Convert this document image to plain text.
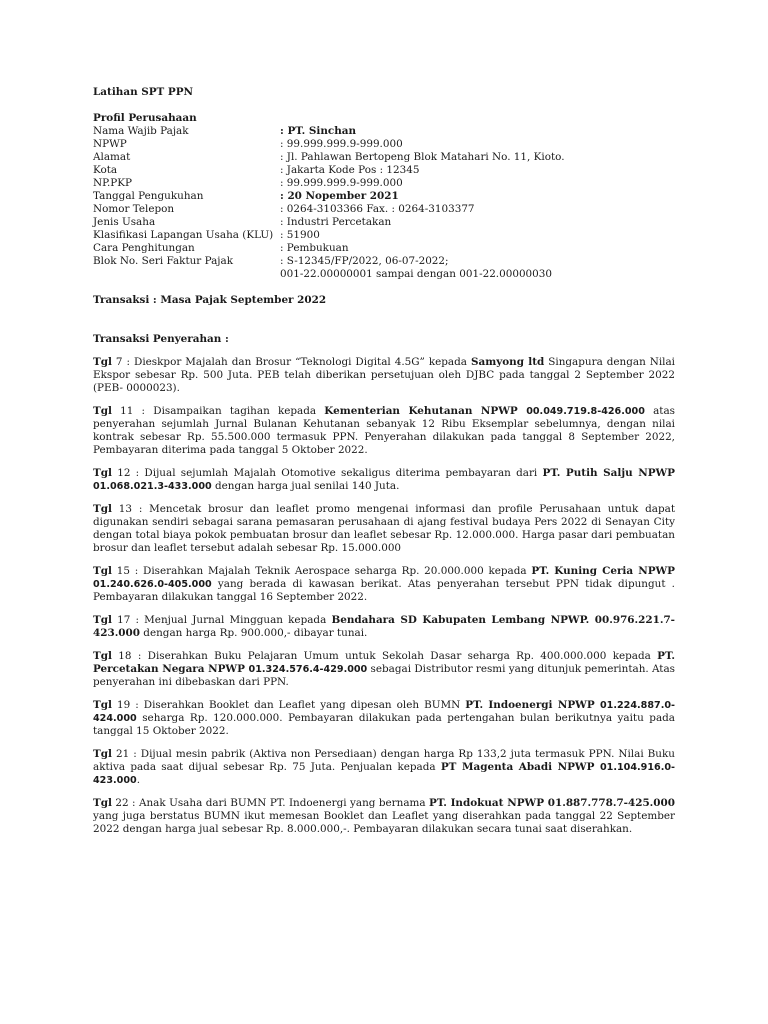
Latihan SPT PPN

Profil Perusahaan

Nama Wajib Pajak	: PT. Sinchan
NPWP	: 99.999.999.9-999.000
Alamat	: Jl. Pahlawan Bertopeng Blok Matahari No. 11, Kioto.
Kota	: Jakarta Kode Pos : 12345
NP.PKP	: 99.999.999.9-999.000
Tanggal Pengukuhan	: 20 Nopember 2021
Nomor Telepon	: 0264-3103366 Fax. : 0264-3103377
Jenis Usaha	: Industri Percetakan
Klasifikasi Lapangan Usaha (KLU)	: 51900
Cara Penghitungan	: Pembukuan
Blok No. Seri Faktur Pajak	: S-12345/FP/2022, 06-07-2022;
	001-22.00000001 sampai dengan 001-22.00000030

Transaksi : Masa Pajak September 2022

Transaksi Penyerahan :

Tgl 7 : Dieskpor Majalah dan Brosur “Teknologi Digital 4.5G” kepada Samyong ltd Singapura dengan Nilai Ekspor sebesar Rp. 500 Juta. PEB telah diberikan persetujuan oleh DJBC pada tanggal 2 September 2022 (PEB- 0000023).

Tgl 11 : Disampaikan tagihan kepada Kementerian Kehutanan NPWP 00.049.719.8-426.000 atas penyerahan sejumlah Jurnal Bulanan Kehutanan sebanyak 12 Ribu Eksemplar sebelumnya, dengan nilai kontrak sebesar Rp. 55.500.000 termasuk PPN. Penyerahan dilakukan pada tanggal 8 September 2022, Pembayaran diterima pada tanggal 5 Oktober 2022.

Tgl 12 : Dijual sejumlah Majalah Otomotive sekaligus diterima pembayaran dari PT. Putih Salju NPWP 01.068.021.3-433.000 dengan harga jual senilai 140 Juta.

Tgl 13 : Mencetak brosur dan leaflet promo mengenai informasi dan profile Perusahaan untuk dapat digunakan sendiri sebagai sarana pemasaran perusahaan di ajang festival budaya Pers 2022 di Senayan City dengan total biaya pokok pembuatan brosur dan leaflet sebesar Rp. 12.000.000. Harga pasar dari pembuatan brosur dan leaflet tersebut adalah sebesar Rp. 15.000.000

Tgl 15 : Diserahkan Majalah Teknik Aerospace seharga Rp. 20.000.000 kepada PT. Kuning Ceria NPWP 01.240.626.0-405.000 yang berada di kawasan berikat. Atas penyerahan tersebut PPN tidak dipungut . Pembayaran dilakukan tanggal 16 September 2022.

Tgl 17 : Menjual Jurnal Mingguan kepada Bendahara SD Kabupaten Lembang NPWP. 00.976.221.7-423.000 dengan harga Rp. 900.000,- dibayar tunai.

Tgl 18 : Diserahkan Buku Pelajaran Umum untuk Sekolah Dasar seharga Rp. 400.000.000 kepada PT. Percetakan Negara NPWP 01.324.576.4-429.000 sebagai Distributor resmi yang ditunjuk pemerintah. Atas penyerahan ini dibebaskan dari PPN.

Tgl 19 : Diserahkan Booklet dan Leaflet yang dipesan oleh BUMN PT. Indoenergi NPWP 01.224.887.0-424.000 seharga Rp. 120.000.000. Pembayaran dilakukan pada pertengahan bulan berikutnya yaitu pada tanggal 15 Oktober 2022.

Tgl 21 : Dijual mesin pabrik (Aktiva non Persediaan) dengan harga Rp 133,2 juta termasuk PPN. Nilai Buku aktiva pada saat dijual sebesar Rp. 75 Juta. Penjualan kepada PT Magenta Abadi NPWP 01.104.916.0-423.000.

Tgl 22 : Anak Usaha dari BUMN PT. Indoenergi yang bernama PT. Indokuat NPWP 01.887.778.7-425.000 yang juga berstatus BUMN ikut memesan Booklet dan Leaflet yang diserahkan pada tanggal 22 September 2022 dengan harga jual sebesar Rp. 8.000.000,-. Pembayaran dilakukan secara tunai saat diserahkan.
